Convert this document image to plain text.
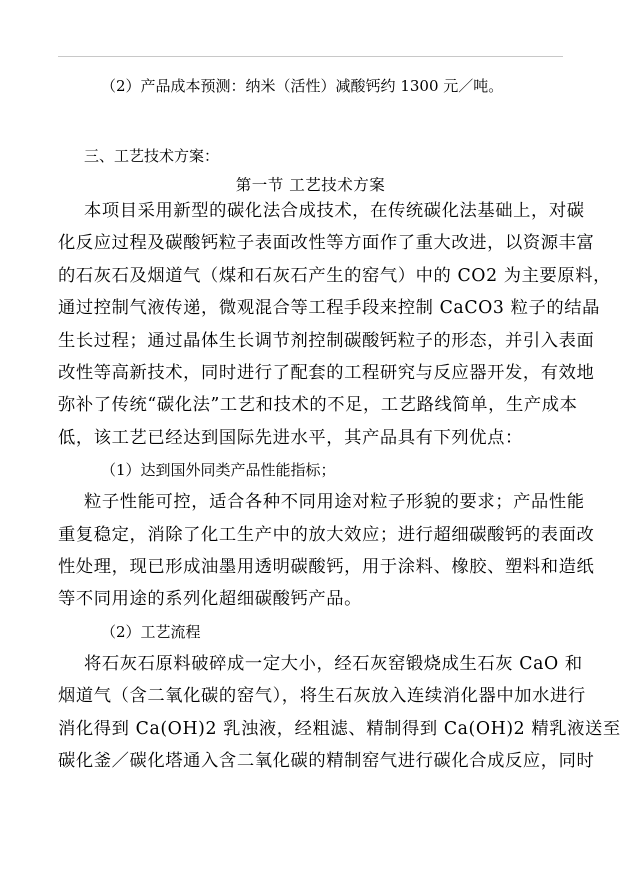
（2）产品成本预测：纳米（活性）减酸钙约 1300 元／吨。
三、工艺技术方案：
第一节 工艺技术方案
本项目采用新型的碳化法合成技术，在传统碳化法基础上，对碳
化反应过程及碳酸钙粒子表面改性等方面作了重大改进，以资源丰富
的石灰石及烟道气（煤和石灰石产生的窑气）中的 CO2 为主要原料，
通过控制气液传递，微观混合等工程手段来控制 CaCO3 粒子的结晶
生长过程；通过晶体生长调节剂控制碳酸钙粒子的形态，并引入表面
改性等高新技术，同时进行了配套的工程研究与反应器开发，有效地
弥补了传统“碳化法”工艺和技术的不足，工艺路线简单，生产成本
低，该工艺已经达到国际先进水平，其产品具有下列优点：
（1）达到国外同类产品性能指标；
粒子性能可控，适合各种不同用途对粒子形貌的要求；产品性能
重复稳定，消除了化工生产中的放大效应；进行超细碳酸钙的表面改
性处理，现已形成油墨用透明碳酸钙，用于涂料、橡胶、塑料和造纸
等不同用途的系列化超细碳酸钙产品。
（2）工艺流程
将石灰石原料破碎成一定大小，经石灰窑锻烧成生石灰 CaO 和
烟道气（含二氧化碳的窑气），将生石灰放入连续消化器中加水进行
消化得到 Ca(OH)2 乳浊液，经粗滤、精制得到 Ca(OH)2 精乳液送至
碳化釜／碳化塔通入含二氧化碳的精制窑气进行碳化合成反应，同时
